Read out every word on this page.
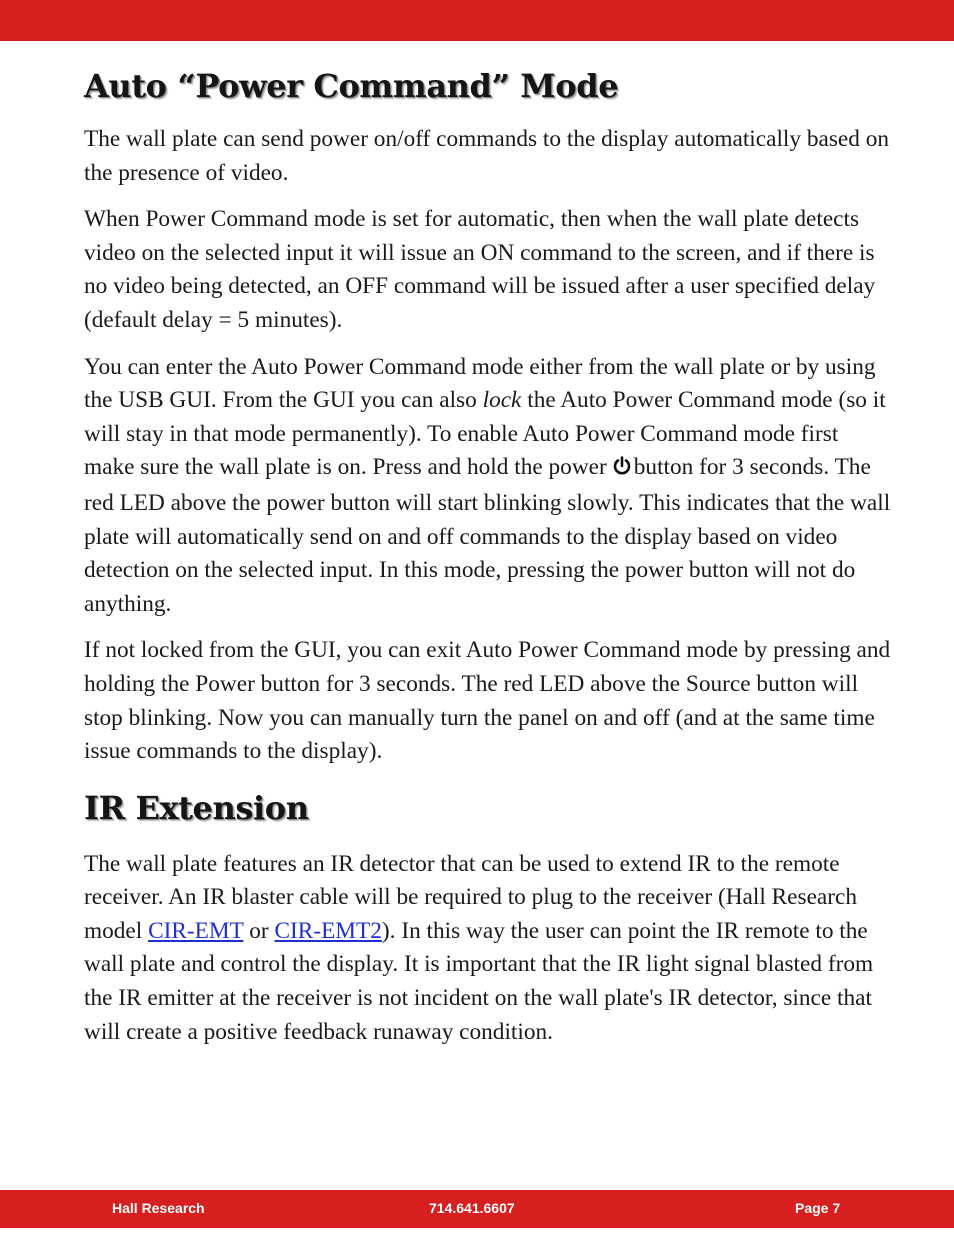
Auto “Power Command” Mode

The wall plate can send power on/off commands to the display automatically based on the presence of video.

When Power Command mode is set for automatic, then when the wall plate detects video on the selected input it will issue an ON command to the screen, and if there is no video being detected, an OFF command will be issued after a user specified delay (default delay = 5 minutes).

You can enter the Auto Power Command mode either from the wall plate or by using the USB GUI. From the GUI you can also lock the Auto Power Command mode (so it will stay in that mode permanently). To enable Auto Power Command mode first make sure the wall plate is on. Press and hold the power button for 3 seconds. The red LED above the power button will start blinking slowly. This indicates that the wall plate will automatically send on and off commands to the display based on video detection on the selected input. In this mode, pressing the power button will not do anything.

If not locked from the GUI, you can exit Auto Power Command mode by pressing and holding the Power button for 3 seconds. The red LED above the Source button will stop blinking. Now you can manually turn the panel on and off (and at the same time issue commands to the display).

IR Extension

The wall plate features an IR detector that can be used to extend IR to the remote receiver. An IR blaster cable will be required to plug to the receiver (Hall Research model CIR-EMT or CIR-EMT2). In this way the user can point the IR remote to the wall plate and control the display. It is important that the IR light signal blasted from the IR emitter at the receiver is not incident on the wall plate's IR detector, since that will create a positive feedback runaway condition.

Hall Research	714.641.6607	Page 7
